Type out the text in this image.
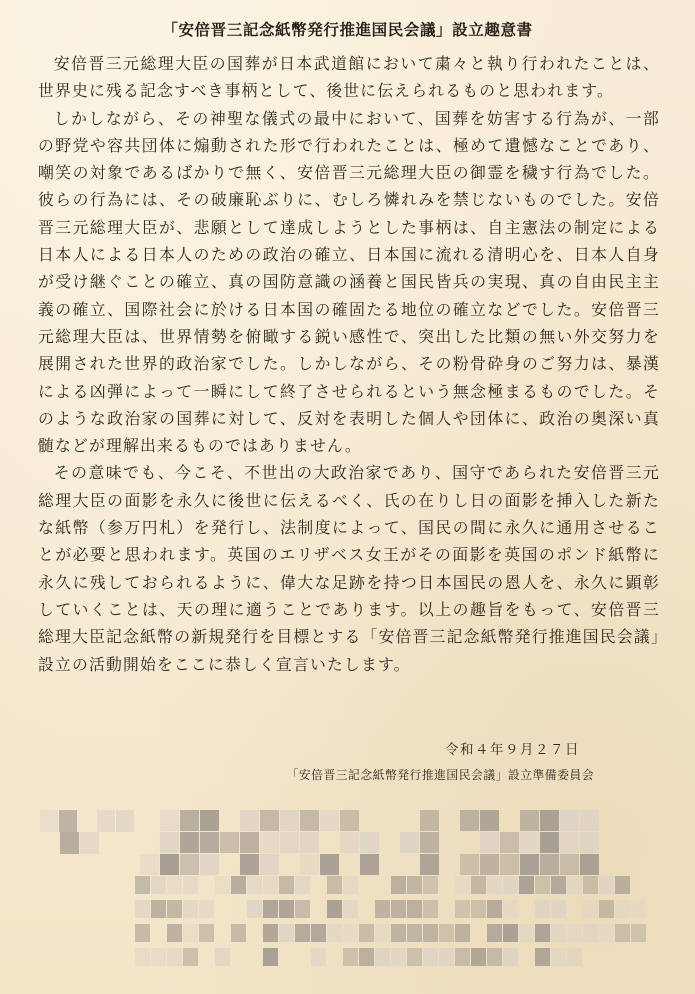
「安倍晋三記念紙幣発行推進国民会議」設立趣意書

安倍晋三元総理大臣の国葬が日本武道館において粛々と執り行われたことは、世界史に残る記念すべき事柄として、後世に伝えられるものと思われます。

しかしながら、その神聖な儀式の最中において、国葬を妨害する行為が、一部の野党や容共団体に煽動された形で行われたことは、極めて遺憾なことであり、嘲笑の対象であるばかりで無く、安倍晋三元総理大臣の御霊を穢す行為でした。彼らの行為には、その破廉恥ぶりに、むしろ憐れみを禁じないものでした。安倍晋三元総理大臣が、悲願として達成しようとした事柄は、自主憲法の制定による日本人による日本人のための政治の確立、日本国に流れる清明心を、日本人自身が受け継ぐことの確立、真の国防意識の涵養と国民皆兵の実現、真の自由民主主義の確立、国際社会に於ける日本国の確固たる地位の確立などでした。安倍晋三元総理大臣は、世界情勢を俯瞰する鋭い感性で、突出した比類の無い外交努力を展開された世界的政治家でした。しかしながら、その粉骨砕身のご努力は、暴漢による凶弾によって一瞬にして終了させられるという無念極まるものでした。そのような政治家の国葬に対して、反対を表明した個人や団体に、政治の奥深い真髄などが理解出来るものではありません。

その意味でも、今こそ、不世出の大政治家であり、国守であられた安倍晋三元総理大臣の面影を永久に後世に伝えるべく、氏の在りし日の面影を挿入した新たな紙幣（参万円札）を発行し、法制度によって、国民の間に永久に通用させることが必要と思われます。英国のエリザベス女王がその面影を英国のポンド紙幣に永久に残しておられるように、偉大な足跡を持つ日本国民の恩人を、永久に顕彰していくことは、天の理に適うことであります。以上の趣旨をもって、安倍晋三総理大臣記念紙幣の新規発行を目標とする「安倍晋三記念紙幣発行推進国民会議」設立の活動開始をここに恭しく宣言いたします。

令和４年９月２７日
「安倍晋三記念紙幣発行推進国民会議」設立準備委員会
